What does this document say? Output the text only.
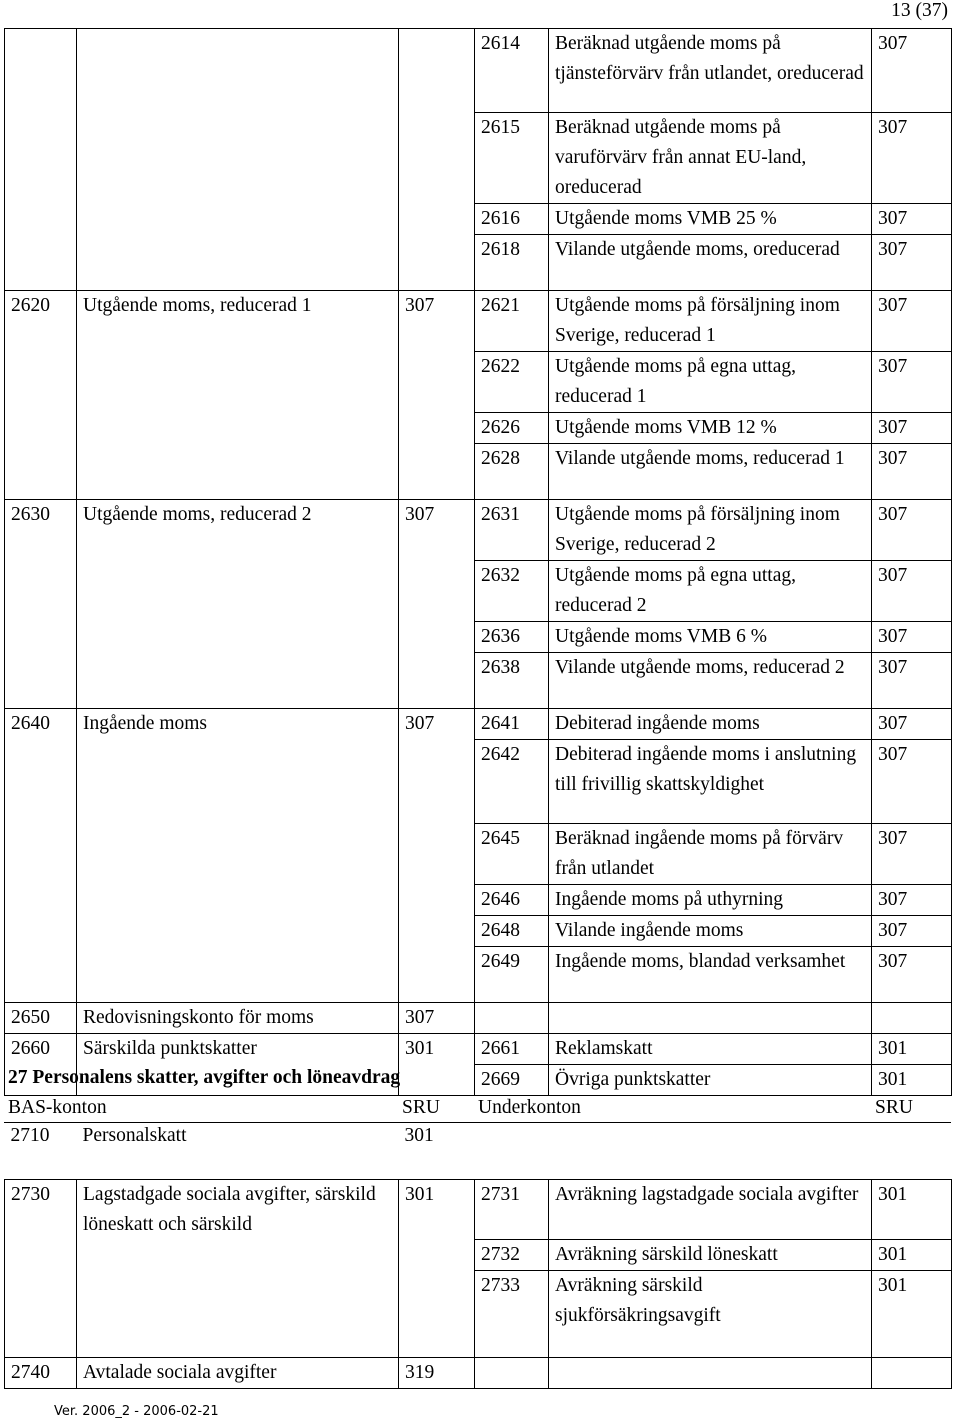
13 (37)
			2614	Beräknad utgående moms på tjänsteförvärv från utlandet, oreducerad	307
			2615	Beräknad utgående moms på varuförvärv från annat EU-land, oreducerad	307
			2616	Utgående moms VMB 25 %	307
			2618	Vilande utgående moms, oreducerad	307
2620	Utgående moms, reducerad 1	307	2621	Utgående moms på försäljning inom Sverige, reducerad 1	307
			2622	Utgående moms på egna uttag, reducerad 1	307
			2626	Utgående moms VMB 12 %	307
			2628	Vilande utgående moms, reducerad 1	307
2630	Utgående moms, reducerad 2	307	2631	Utgående moms på försäljning inom Sverige, reducerad 2	307
			2632	Utgående moms på egna uttag, reducerad 2	307
			2636	Utgående moms VMB 6 %	307
			2638	Vilande utgående moms, reducerad 2	307
2640	Ingående moms	307	2641	Debiterad ingående moms	307
			2642	Debiterad ingående moms i anslutning till frivillig skattskyldighet	307
			2645	Beräknad ingående moms på förvärv från utlandet	307
			2646	Ingående moms på uthyrning	307
			2648	Vilande ingående moms	307
			2649	Ingående moms, blandad verksamhet	307
2650	Redovisningskonto för moms	307			
2660	Särskilda punktskatter	301	2661	Reklamskatt	301
			2669	Övriga punktskatter	301
27 Personalens skatter, avgifter och löneavdrag
BAS-konton	SRU	Underkonton	SRU
2710	Personalskatt	301			

2730	Lagstadgade sociala avgifter, särskild löneskatt och särskild	301	2731	Avräkning lagstadgade sociala avgifter	301
			2732	Avräkning särskild löneskatt	301
			2733	Avräkning särskild sjukförsäkringsavgift	301

2740	Avtalade sociala avgifter	319			
Ver. 2006_2 - 2006-02-21
